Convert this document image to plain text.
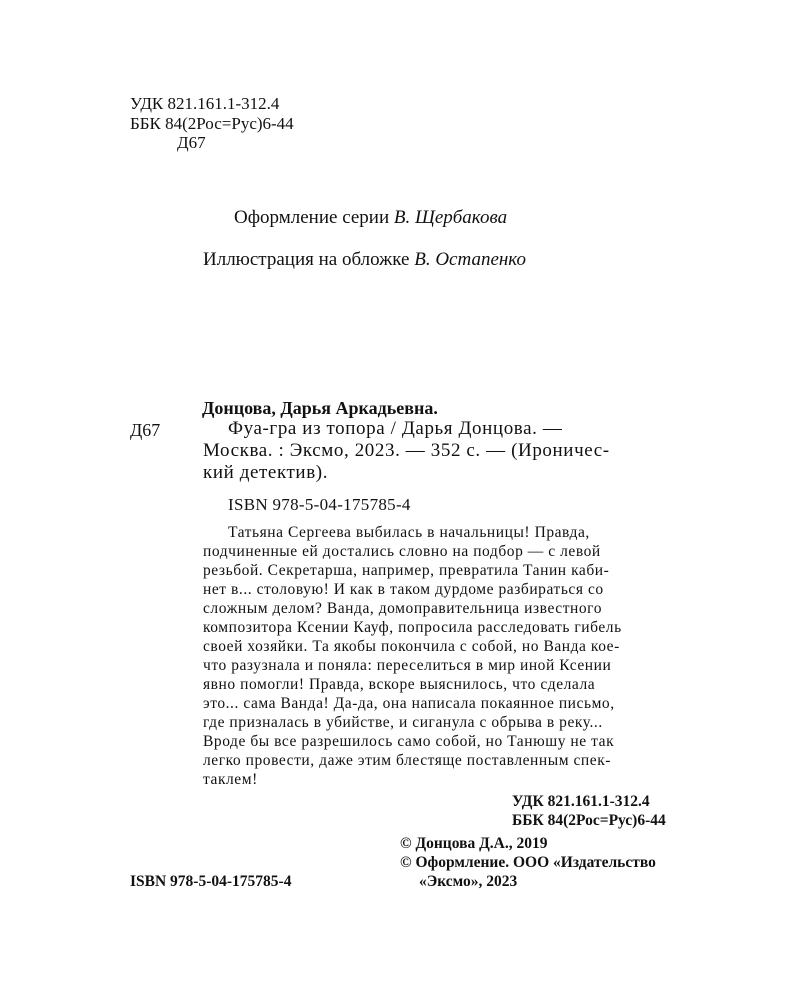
УДК 821.161.1-312.4
ББК 84(2Рос=Рус)6-44
Д67
Оформление серии В. Щербакова
Иллюстрация на обложке В. Остапенко
Донцова, Дарья Аркадьевна.
Д67	Фуа-гра из топора / Дарья Донцова. —
Москва. : Эксмо, 2023. — 352 с. — (Ироничес-
кий детектив).
ISBN 978-5-04-175785-4
Татьяна Сергеева выбилась в начальницы! Правда,
подчиненные ей достались словно на подбор — с левой
резьбой. Секретарша, например, превратила Танин каби-
нет в... столовую! И как в таком дурдоме разбираться со
сложным делом? Ванда, домоправительница известного
композитора Ксении Кауф, попросила расследовать гибель
своей хозяйки. Та якобы покончила с собой, но Ванда кое-
что разузнала и поняла: переселиться в мир иной Ксении
явно помогли! Правда, вскоре выяснилось, что сделала
это... сама Ванда! Да-да, она написала покаянное письмо,
где призналась в убийстве, и сиганула с обрыва в реку...
Вроде бы все разрешилось само собой, но Танюшу не так
легко провести, даже этим блестяще поставленным спек-
таклем!
УДК 821.161.1-312.4
ББК 84(2Рос=Рус)6-44
© Донцова Д.А., 2019
© Оформление. ООО «Издательство
«Эксмо», 2023
ISBN 978-5-04-175785-4
